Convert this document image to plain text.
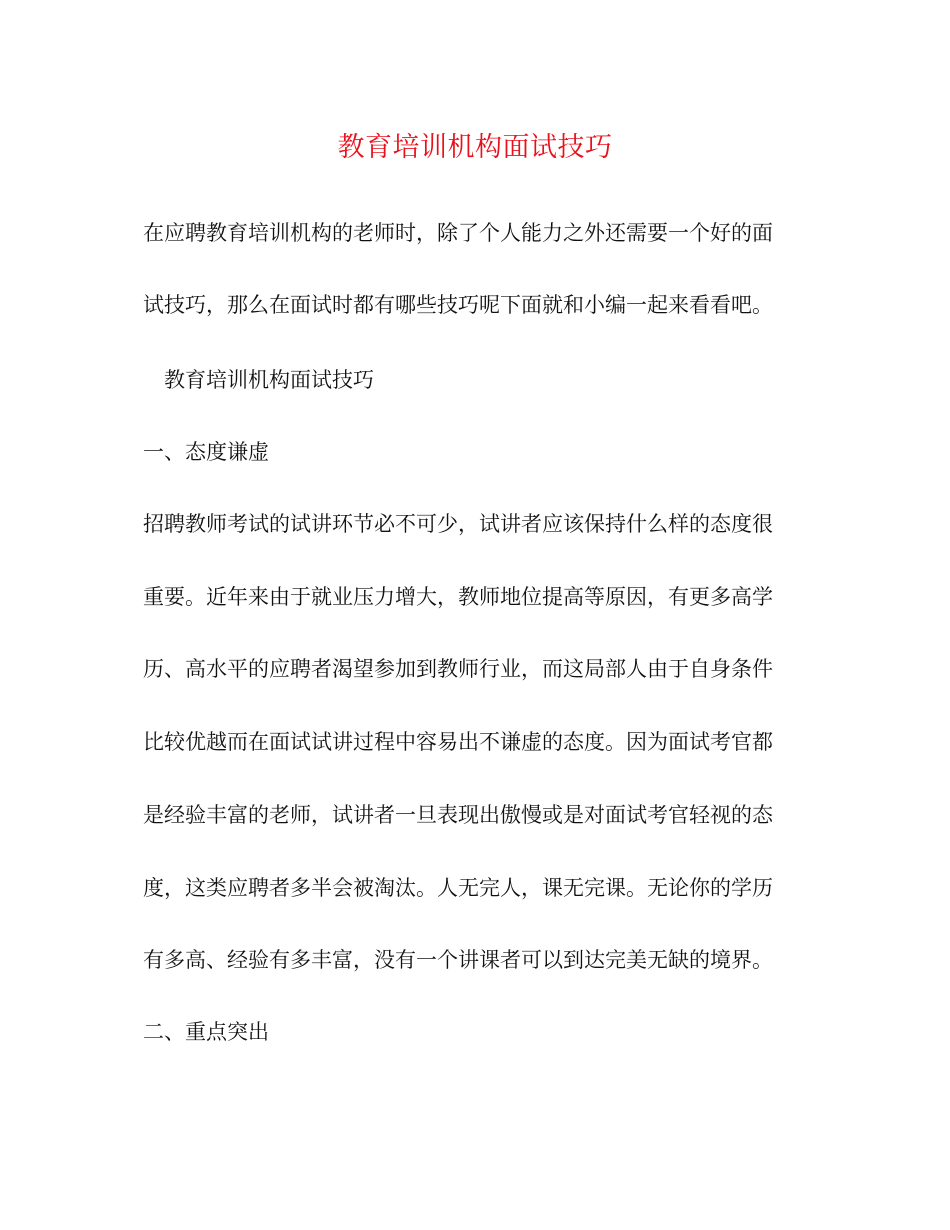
教育培训机构面试技巧
在应聘教育培训机构的老师时，除了个人能力之外还需要一个好的面
试技巧，那么在面试时都有哪些技巧呢下面就和小编一起来看看吧。
教育培训机构面试技巧
一、态度谦虚
招聘教师考试的试讲环节必不可少，试讲者应该保持什么样的态度很
重要。近年来由于就业压力增大，教师地位提高等原因，有更多高学
历、高水平的应聘者渴望参加到教师行业，而这局部人由于自身条件
比较优越而在面试试讲过程中容易出不谦虚的态度。因为面试考官都
是经验丰富的老师，试讲者一旦表现出傲慢或是对面试考官轻视的态
度，这类应聘者多半会被淘汰。人无完人，课无完课。无论你的学历
有多高、经验有多丰富，没有一个讲课者可以到达完美无缺的境界。
二、重点突出
